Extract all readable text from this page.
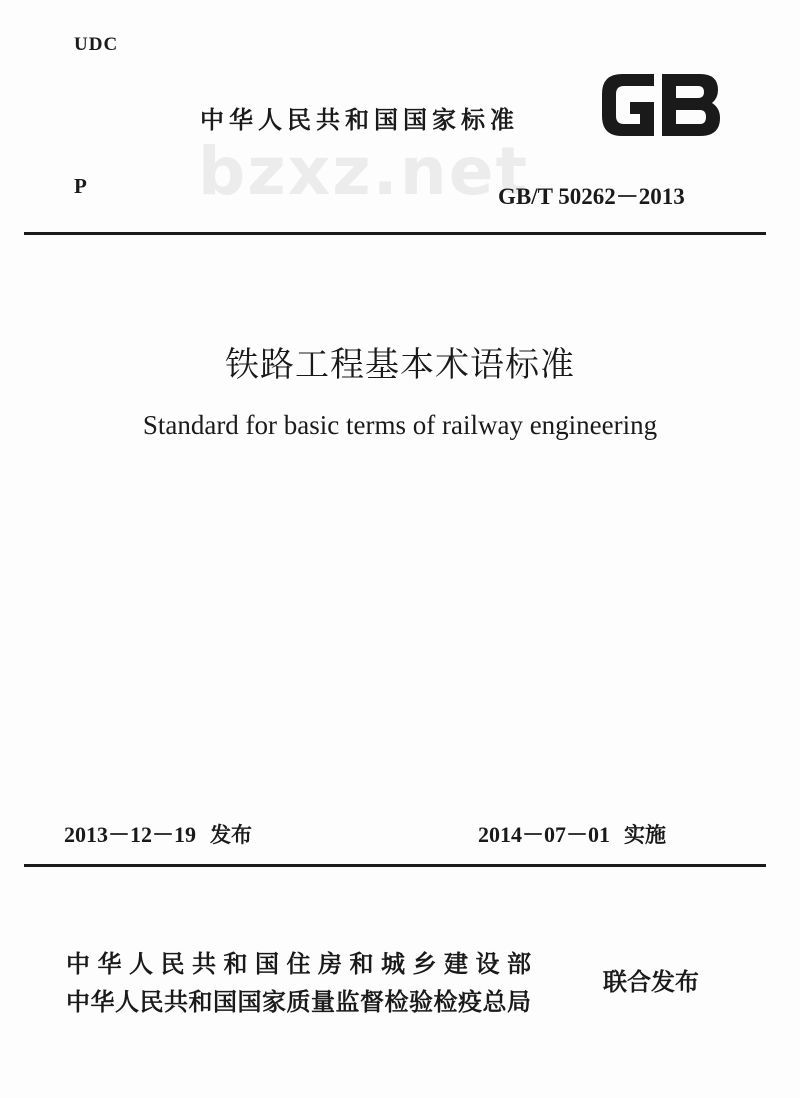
UDC
中华人民共和国国家标准
bzxz.net
P	GB/T 50262－2013
铁路工程基本术语标准
Standard for basic terms of railway engineering
2013－12－19 发布	2014－07－01 实施
中华人民共和国住房和城乡建设部
中华人民共和国国家质量监督检验检疫总局
联合发布
